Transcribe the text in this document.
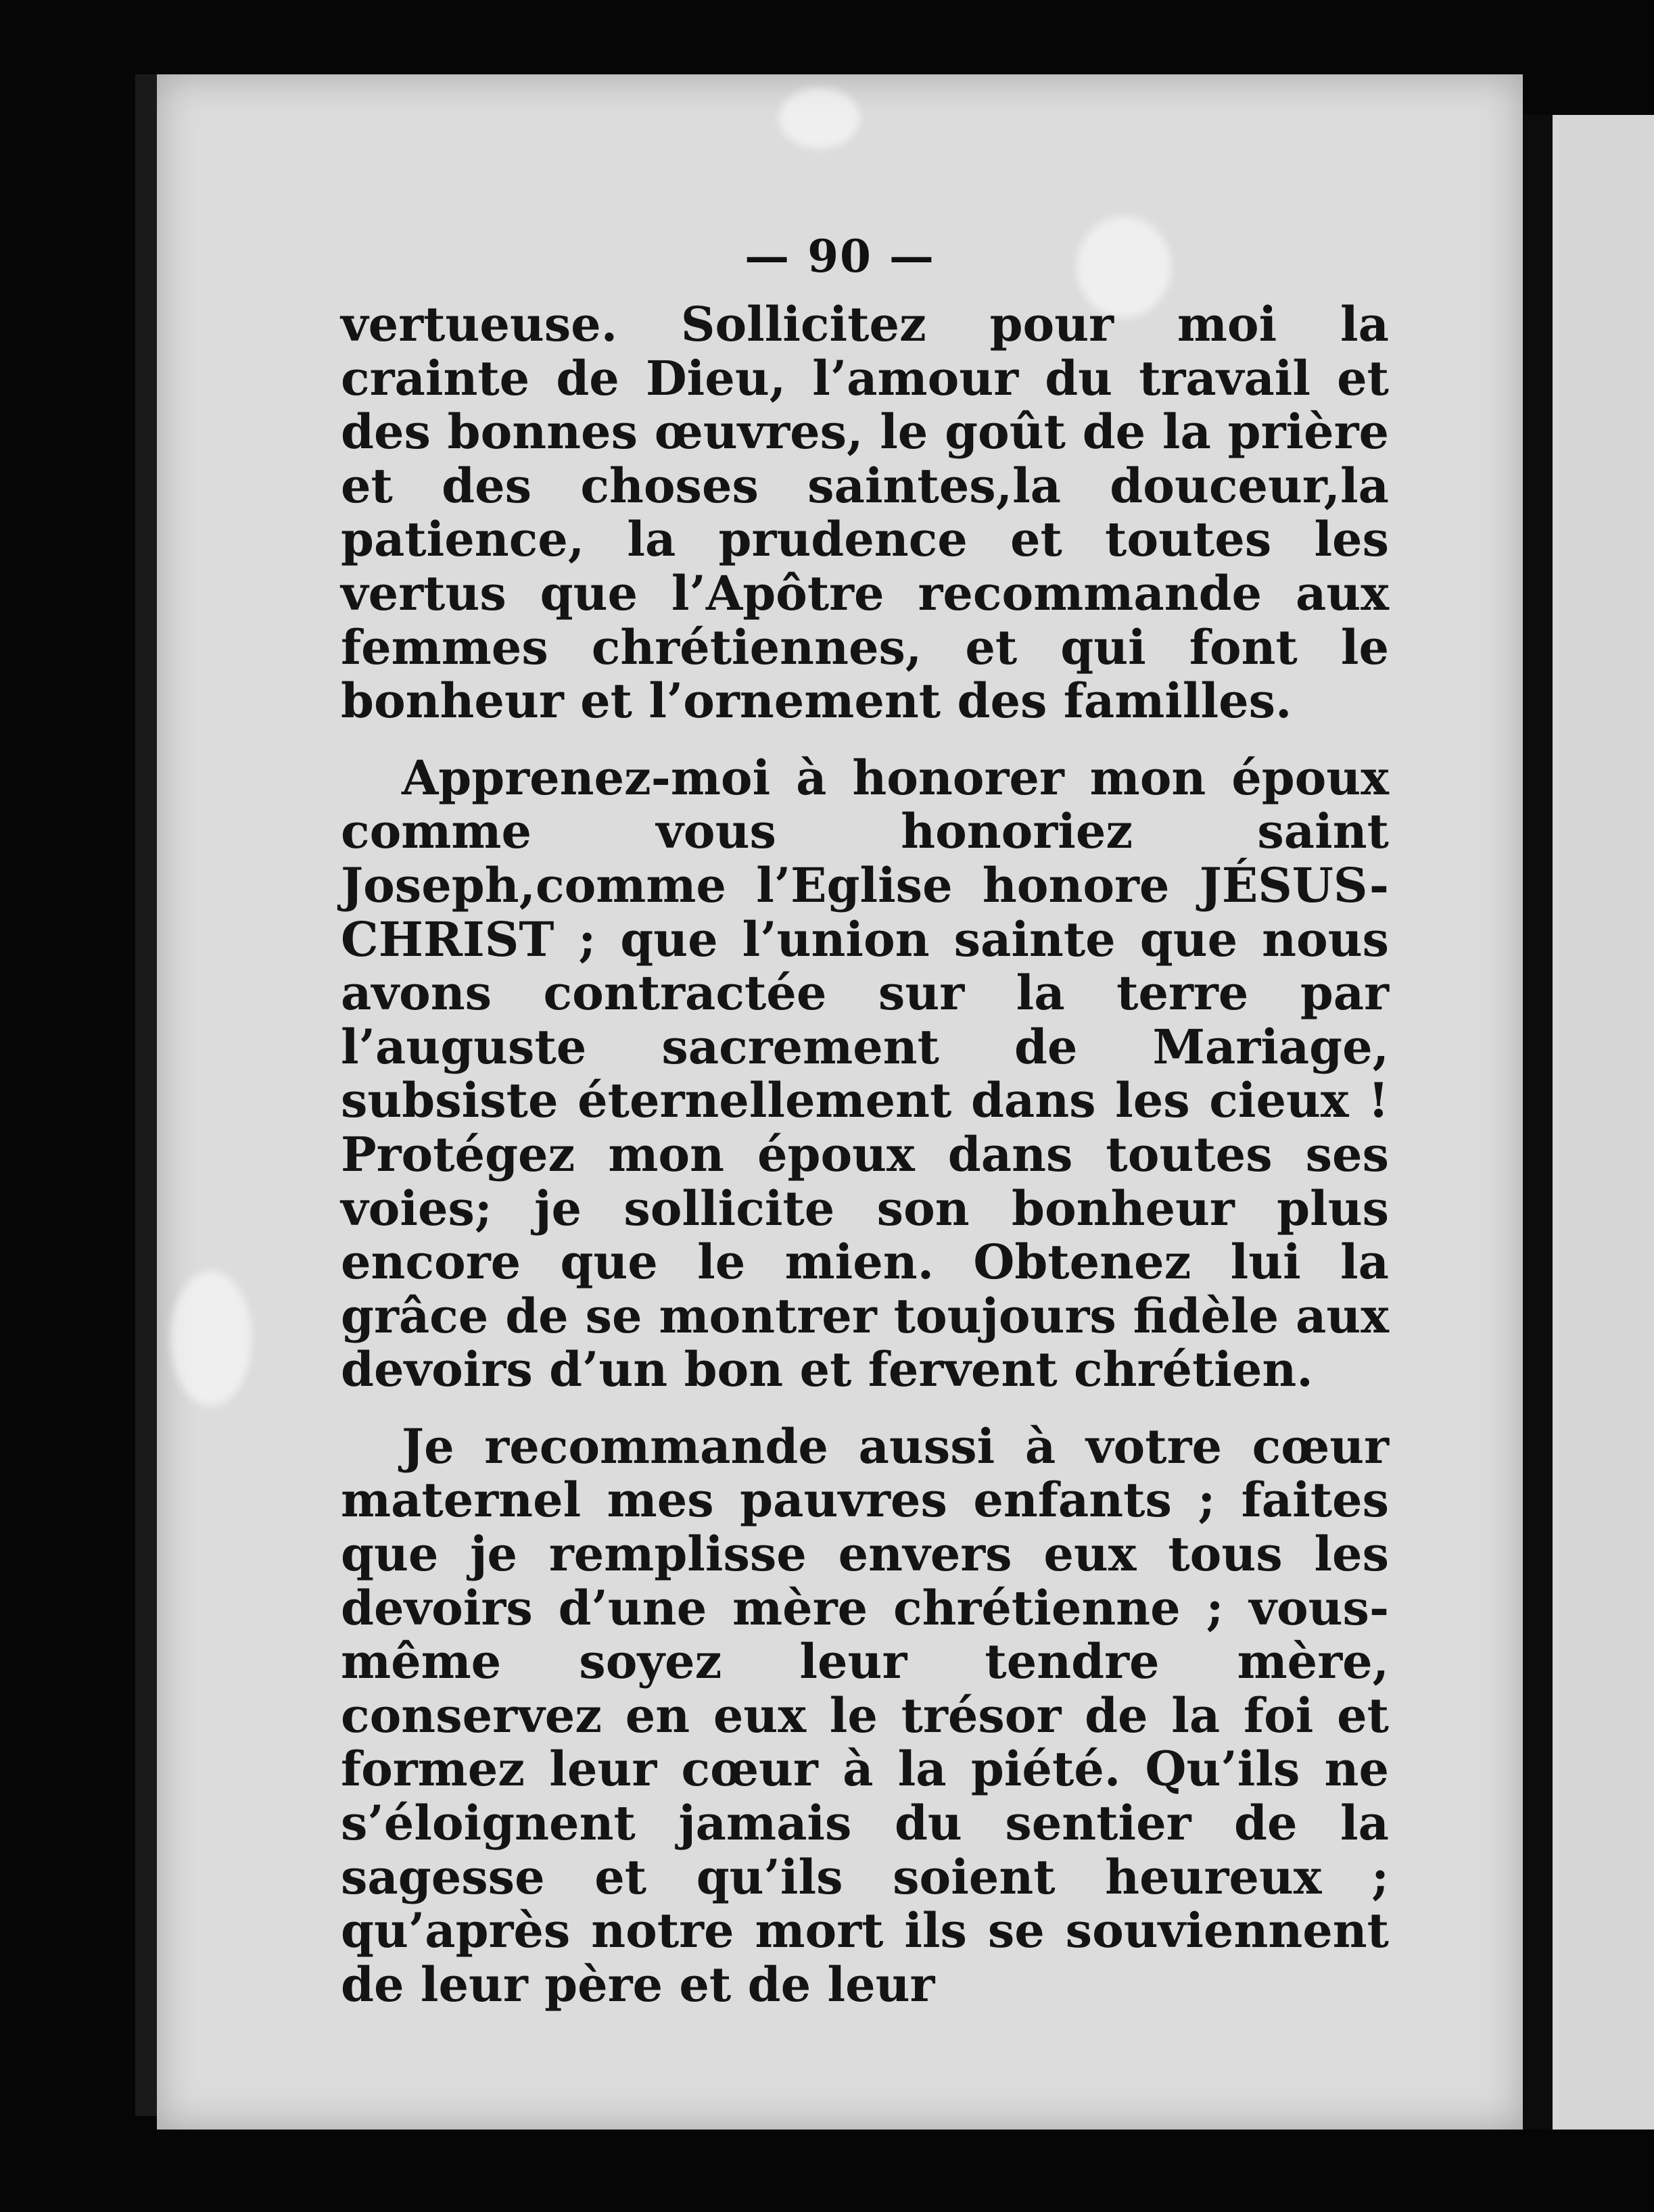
— 90 —

vertueuse. Sollicitez pour moi la crainte de Dieu, l’amour du travail et des bonnes œuvres, le goût de la prière et des choses saintes,la douceur,la patience, la prudence et toutes les vertus que l’Apôtre recommande aux femmes chrétiennes, et qui font le bonheur et l’ornement des familles.

Apprenez-moi à honorer mon époux comme vous honoriez saint Joseph,comme l’Eglise honore JÉSUS-CHRIST ; que l’union sainte que nous avons contractée sur la terre par l’auguste sacrement de Mariage, subsiste éternellement dans les cieux ! Protégez mon époux dans toutes ses voies; je sollicite son bonheur plus encore que le mien. Obtenez lui la grâce de se montrer toujours fidèle aux devoirs d’un bon et fervent chrétien.

Je recommande aussi à votre cœur maternel mes pauvres enfants ; faites que je remplisse envers eux tous les devoirs d’une mère chrétienne ; vous-même soyez leur tendre mère, conservez en eux le trésor de la foi et formez leur cœur à la piété. Qu’ils ne s’éloignent jamais du sentier de la sagesse et qu’ils soient heureux ; qu’après notre mort ils se souviennent de leur père et de leur
